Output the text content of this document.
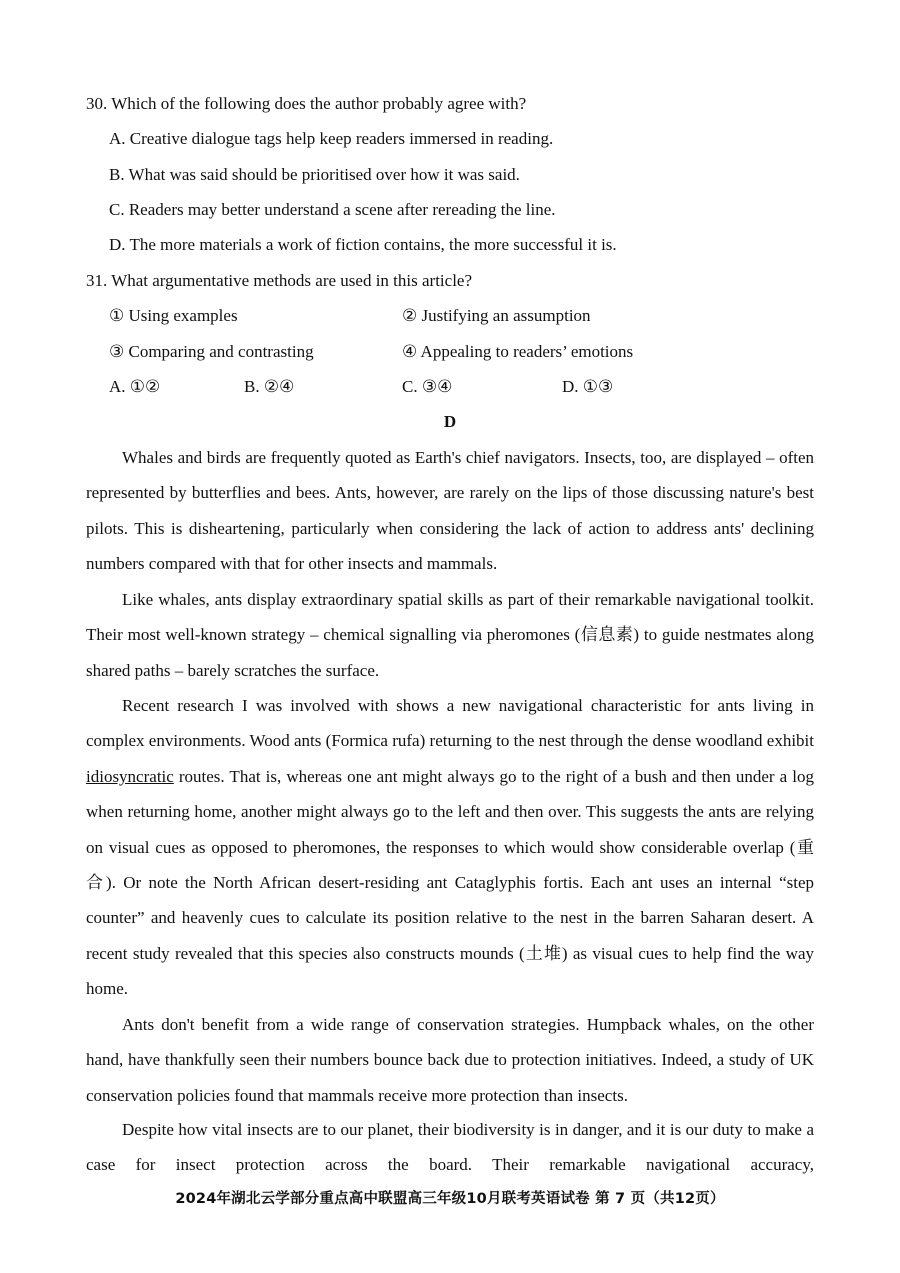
30. Which of the following does the author probably agree with?
A. Creative dialogue tags help keep readers immersed in reading.
B. What was said should be prioritised over how it was said.
C. Readers may better understand a scene after rereading the line.
D. The more materials a work of fiction contains, the more successful it is.
31. What argumentative methods are used in this article?
① Using examples	② Justifying an assumption
③ Comparing and contrasting	④ Appealing to readers’ emotions
A. ①②	B. ②④	C. ③④	D. ①③
D

Whales and birds are frequently quoted as Earth's chief navigators. Insects, too, are displayed – often represented by butterflies and bees. Ants, however, are rarely on the lips of those discussing nature's best pilots. This is disheartening, particularly when considering the lack of action to address ants' declining numbers compared with that for other insects and mammals.

Like whales, ants display extraordinary spatial skills as part of their remarkable navigational toolkit. Their most well-known strategy – chemical signalling via pheromones (信息素) to guide nestmates along shared paths – barely scratches the surface.

Recent research I was involved with shows a new navigational characteristic for ants living in complex environments. Wood ants (Formica rufa) returning to the nest through the dense woodland exhibit idiosyncratic routes. That is, whereas one ant might always go to the right of a bush and then under a log when returning home, another might always go to the left and then over. This suggests the ants are relying on visual cues as opposed to pheromones, the responses to which would show considerable overlap (重合). Or note the North African desert-residing ant Cataglyphis fortis. Each ant uses an internal “step counter” and heavenly cues to calculate its position relative to the nest in the barren Saharan desert. A recent study revealed that this species also constructs mounds (土堆) as visual cues to help find the way home.

Ants don't benefit from a wide range of conservation strategies. Humpback whales, on the other hand, have thankfully seen their numbers bounce back due to protection initiatives. Indeed, a study of UK conservation policies found that mammals receive more protection than insects.

Despite how vital insects are to our planet, their biodiversity is in danger, and it is our duty to make a case for insect protection across the board. Their remarkable navigational accuracy,

2024年湖北云学部分重点高中联盟高三年级10月联考英语试卷 第 7 页（共12页）
